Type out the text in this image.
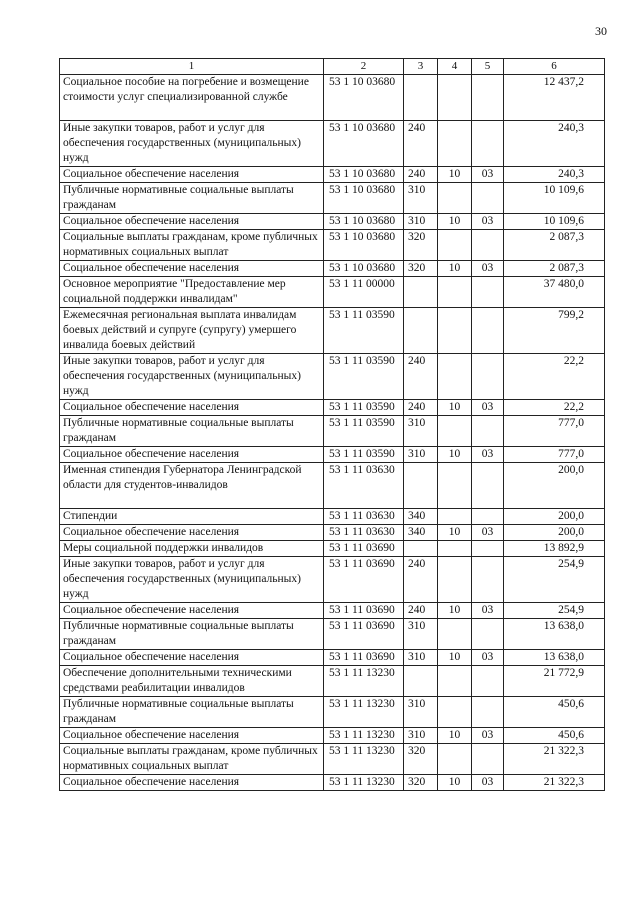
30
1	2	3	4	5	6
Социальное пособие на погребение и возмещение стоимости услуг специализированной службе	53 1 10 03680				12 437,2
Иные закупки товаров, работ и услуг для обеспечения государственных (муниципальных) нужд	53 1 10 03680	240			240,3
Социальное обеспечение населения	53 1 10 03680	240	10	03	240,3
Публичные нормативные социальные выплаты гражданам	53 1 10 03680	310			10 109,6
Социальное обеспечение населения	53 1 10 03680	310	10	03	10 109,6
Социальные выплаты гражданам, кроме публичных нормативных социальных выплат	53 1 10 03680	320			2 087,3
Социальное обеспечение населения	53 1 10 03680	320	10	03	2 087,3
Основное мероприятие "Предоставление мер социальной поддержки инвалидам"	53 1 11 00000				37 480,0
Ежемесячная региональная выплата инвалидам боевых действий и супруге (супругу) умершего инвалида боевых действий	53 1 11 03590				799,2
Иные закупки товаров, работ и услуг для обеспечения государственных (муниципальных) нужд	53 1 11 03590	240			22,2
Социальное обеспечение населения	53 1 11 03590	240	10	03	22,2
Публичные нормативные социальные выплаты гражданам	53 1 11 03590	310			777,0
Социальное обеспечение населения	53 1 11 03590	310	10	03	777,0
Именная стипендия Губернатора Ленинградской области для студентов-инвалидов	53 1 11 03630				200,0
Стипендии	53 1 11 03630	340			200,0
Социальное обеспечение населения	53 1 11 03630	340	10	03	200,0
Меры социальной поддержки инвалидов	53 1 11 03690				13 892,9
Иные закупки товаров, работ и услуг для обеспечения государственных (муниципальных) нужд	53 1 11 03690	240			254,9
Социальное обеспечение населения	53 1 11 03690	240	10	03	254,9
Публичные нормативные социальные выплаты гражданам	53 1 11 03690	310			13 638,0
Социальное обеспечение населения	53 1 11 03690	310	10	03	13 638,0
Обеспечение дополнительными техническими средствами реабилитации инвалидов	53 1 11 13230				21 772,9
Публичные нормативные социальные выплаты гражданам	53 1 11 13230	310			450,6
Социальное обеспечение населения	53 1 11 13230	310	10	03	450,6
Социальные выплаты гражданам, кроме публичных нормативных социальных выплат	53 1 11 13230	320			21 322,3
Социальное обеспечение населения	53 1 11 13230	320	10	03	21 322,3
